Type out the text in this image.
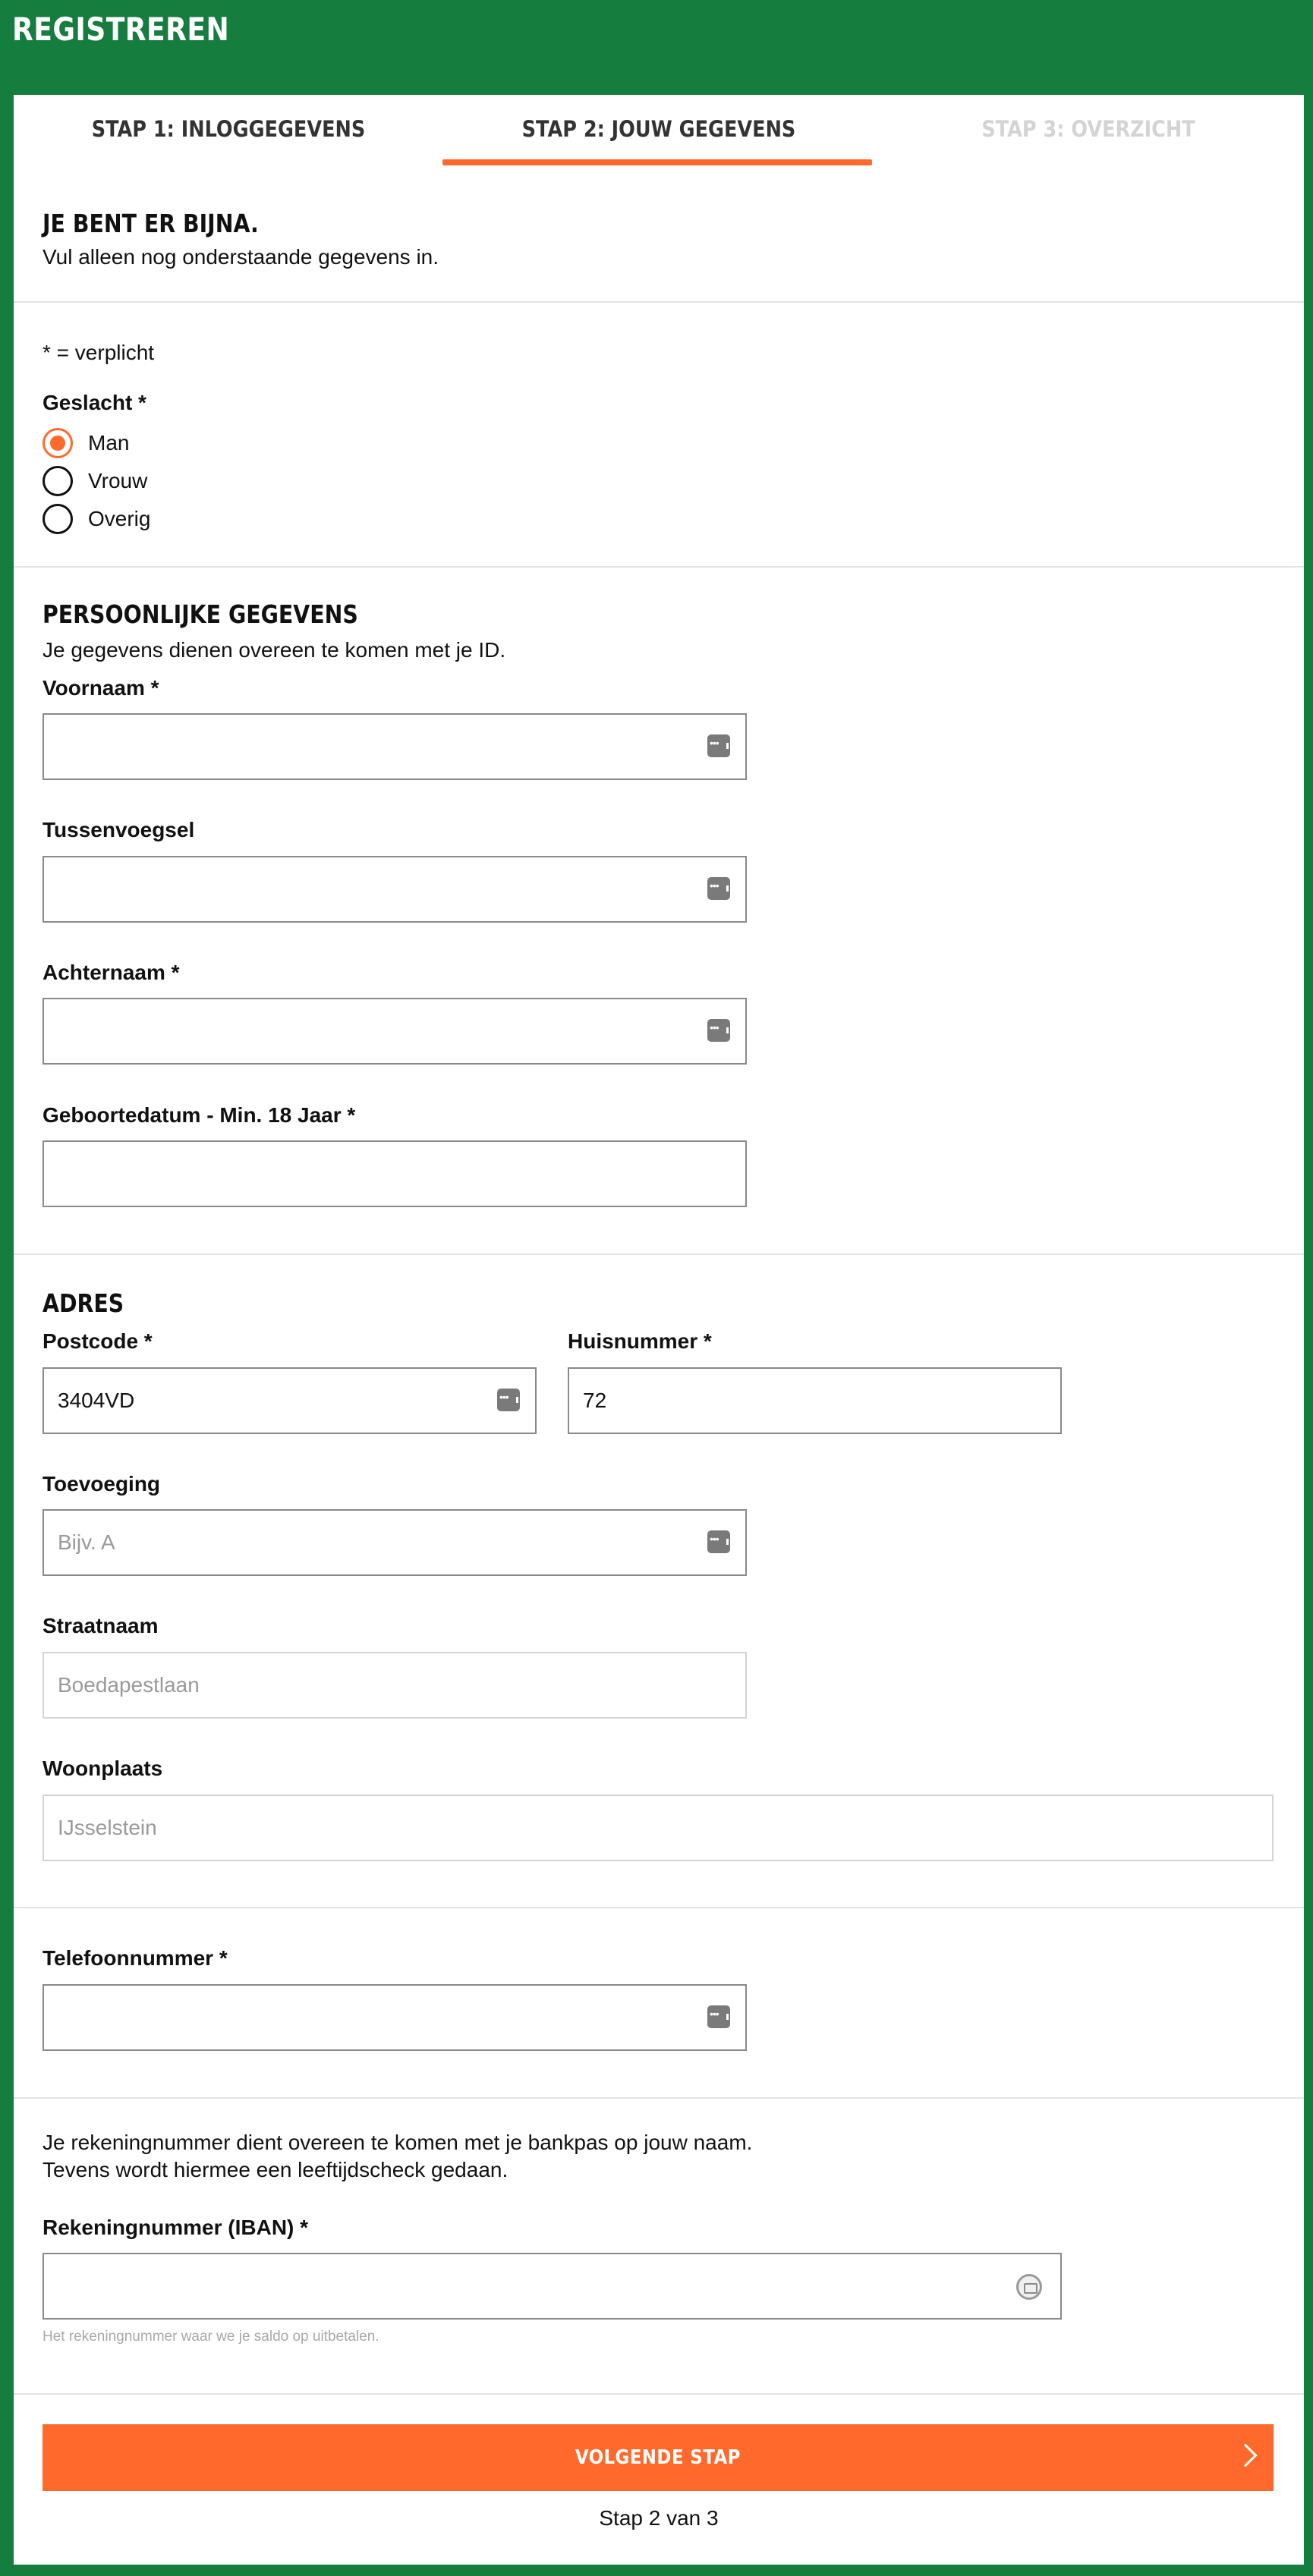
REGISTREREN
STAP 1: INLOGGEGEVENS	STAP 2: JOUW GEGEVENS	STAP 3: OVERZICHT
JE BENT ER BIJNA.
Vul alleen nog onderstaande gegevens in.
* = verplicht
Geslacht *
Man
Vrouw
Overig
PERSOONLIJKE GEGEVENS
Je gegevens dienen overeen te komen met je ID.
Voornaam *
•••
Tussenvoegsel
•••
Achternaam *
•••
Geboortedatum - Min. 18 Jaar *
ADRES
Postcode *
3404VD
•••	Huisnummer *
72
Toevoeging
Bijv. A
•••
Straatnaam
Boedapestlaan
Woonplaats
IJsselstein
Telefoonnummer *
•••
Je rekeningnummer dient overeen te komen met je bankpas op jouw naam.
Tevens wordt hiermee een leeftijdscheck gedaan.
Rekeningnummer (IBAN) *
Het rekeningnummer waar we je saldo op uitbetalen.
VOLGENDE STAP
Stap 2 van 3
